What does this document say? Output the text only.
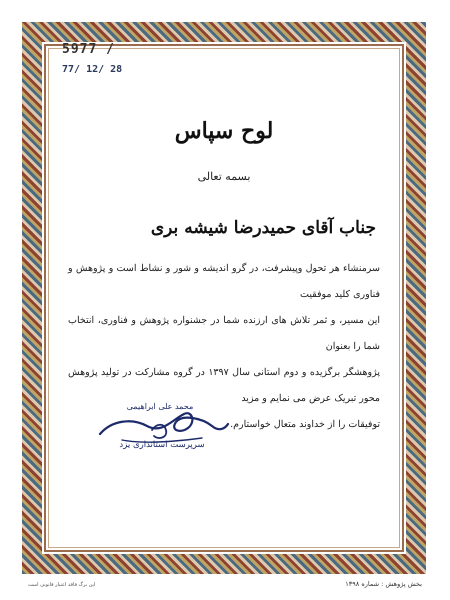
5977 /
77/ 12/ 28
لوح سپاس
بسمه تعالی
جناب آقای حمیدرضا شیشه بری

سرمنشاء هر تحول وپیشرفت، در گرو اندیشه و شور و نشاط است و پژوهش و فناوری کلید موفقیت

این مسیر، و ثمر تلاش های ارزنده شما در جشنواره پژوهش و فناوری، انتخاب شما را بعنوان

پژوهشگر برگزیده و دوم استانی سال ۱۳۹۷ در گروه مشارکت در تولید پژوهش محور تبریک عرض می نمایم و مزید

توفیقات را از خداوند متعال خواستارم.

محمد علی ابراهیمی
سرپرست استانداری یزد
این برگ فاقد اعتبار قانونی است	بخش پژوهش : شماره ۱۳۹۸
